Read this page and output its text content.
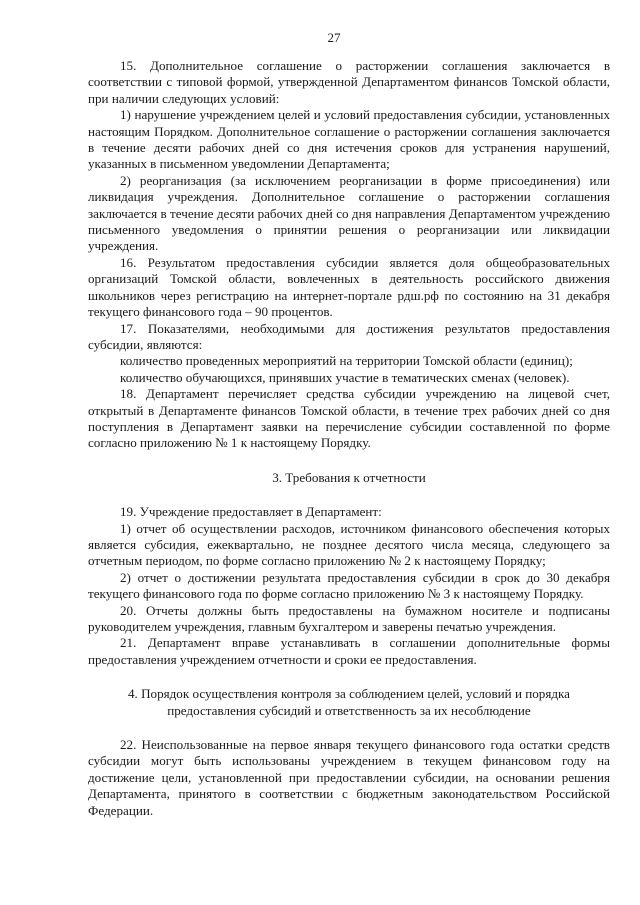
27

15. Дополнительное соглашение о расторжении соглашения заключается в соответствии с типовой формой, утвержденной Департаментом финансов Томской области, при наличии следующих условий:

1) нарушение учреждением целей и условий предоставления субсидии, установленных настоящим Порядком. Дополнительное соглашение о расторжении соглашения заключается в течение десяти рабочих дней со дня истечения сроков для устранения нарушений, указанных в письменном уведомлении Департамента;

2) реорганизация (за исключением реорганизации в форме присоединения) или ликвидация учреждения. Дополнительное соглашение о расторжении соглашения заключается в течение десяти рабочих дней со дня направления Департаментом учреждению письменного уведомления о принятии решения о реорганизации или ликвидации учреждения.

16. Результатом предоставления субсидии является доля общеобразовательных организаций Томской области, вовлеченных в деятельность российского движения школьников через регистрацию на интернет-портале рдш.рф по состоянию на 31 декабря текущего финансового года – 90 процентов.

17. Показателями, необходимыми для достижения результатов предоставления субсидии, являются:

количество проведенных мероприятий на территории Томской области (единиц);

количество обучающихся, принявших участие в тематических сменах (человек).

18. Департамент перечисляет средства субсидии учреждению на лицевой счет, открытый в Департаменте финансов Томской области, в течение трех рабочих дней со дня поступления в Департамент заявки на перечисление субсидии составленной по форме согласно приложению № 1 к настоящему Порядку.

3. Требования к отчетности

19. Учреждение предоставляет в Департамент:

1) отчет об осуществлении расходов, источником финансового обеспечения которых является субсидия, ежеквартально, не позднее десятого числа месяца, следующего за отчетным периодом, по форме согласно приложению № 2 к настоящему Порядку;

2) отчет о достижении результата предоставления субсидии в срок до 30 декабря текущего финансового года по форме согласно приложению № 3 к настоящему Порядку.

20. Отчеты должны быть предоставлены на бумажном носителе и подписаны руководителем учреждения, главным бухгалтером и заверены печатью учреждения.

21. Департамент вправе устанавливать в соглашении дополнительные формы предоставления учреждением отчетности и сроки ее предоставления.

4. Порядок осуществления контроля за соблюдением целей, условий и порядка

предоставления субсидий и ответственность за их несоблюдение

22. Неиспользованные на первое января текущего финансового года остатки средств субсидии могут быть использованы учреждением в текущем финансовом году на достижение цели, установленной при предоставлении субсидии, на основании решения Департамента, принятого в соответствии с бюджетным законодательством Российской Федерации.
